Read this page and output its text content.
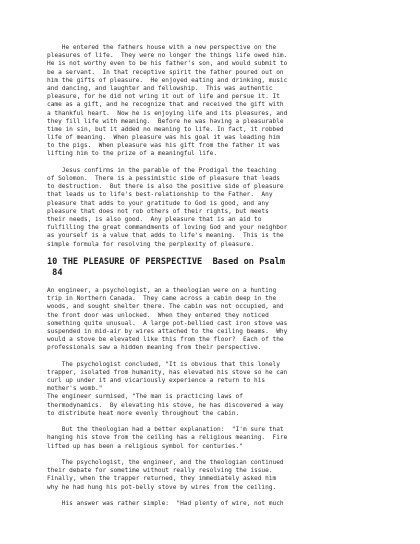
He entered the fathers house with a new perspective on the
pleasures of life.  They were no longer the things life owed him.
He is not worthy even to be his father's son, and would submit to
be a servant.  In that receptive spirit the father poured out on
him the gifts of pleasure.  He enjoyed eating and drinking, music
and dancing, and laughter and fellowship.  This was authentic
pleasure, for he did not wring it out of life and persue it. It
came as a gift, and he recognize that and received the gift with
a thankful heart.  Now he is enjoying life and its pleasures, and
they fill life with meaning.  Before he was having a pleasurable
time in sin, but it added no meaning to life. In fact, it robbed
life of meaning.  When pleasure was his goal it was leading him
to the pigs.  When pleasure was his gift from the father it was
lifting him to the prize of a meaningful life.
Jesus confirms in the parable of the Prodigal the teaching
of Solomon.  There is a pessimistic side of pleasure that leads
to destruction.  But there is also the positive side of pleasure
that leads us to life's best-relationship to the Father.  Any
pleasure that adds to your gratitude to God is good, and any
pleasure that does not rob others of their rights, but meets
their needs, is also good.  Any pleasure that is an aid to
fulfilling the great commandments of loving God and your neighbor
as yourself is a value that adds to life's meaning.  This is the
simple formula for resolving the perplexity of pleasure.
10 THE PLEASURE OF PERSPECTIVE  Based on Psalm
84
An engineer, a psychologist, an a theologian were on a hunting
trip in Northern Canada.  They came across a cabin deep in the
woods, and sought shelter there. The cabin was not occupied, and
the front door was unlocked.  When they entered they noticed
something quite unusual.  A large pot-bellied cast iron stove was
suspended in mid-air by wires attached to the ceiling beams.  Why
would a stove be elevated like this from the floor?  Each of the
professionals saw a hidden meaning from their perspective.
The psychologist concluded, "It is obvious that this lonely
trapper, isolated from humanity, has elevated his stove so he can
curl up under it and vicariously experience a return to his
mother's womb."
The engineer surmised, "The man is practicing laws of
thermodynamics.  By elevating his stove, he has discovered a way
to distribute heat more evenly throughout the cabin.
But the theologian had a better explanation:  "I'm sure that
hanging his stove from the ceiling has a religious meaning.  Fire
lifted up has been a religious symbol for centuries."
The psychologist, the engineer, and the theologian continued
their debate for sometime without really resolving the issue.
Finally, when the trapper returned, they immediately asked him
why he had hung his pot-belly stove by wires from the ceiling.
His answer was rather simple:  "Had plenty of wire, not much
